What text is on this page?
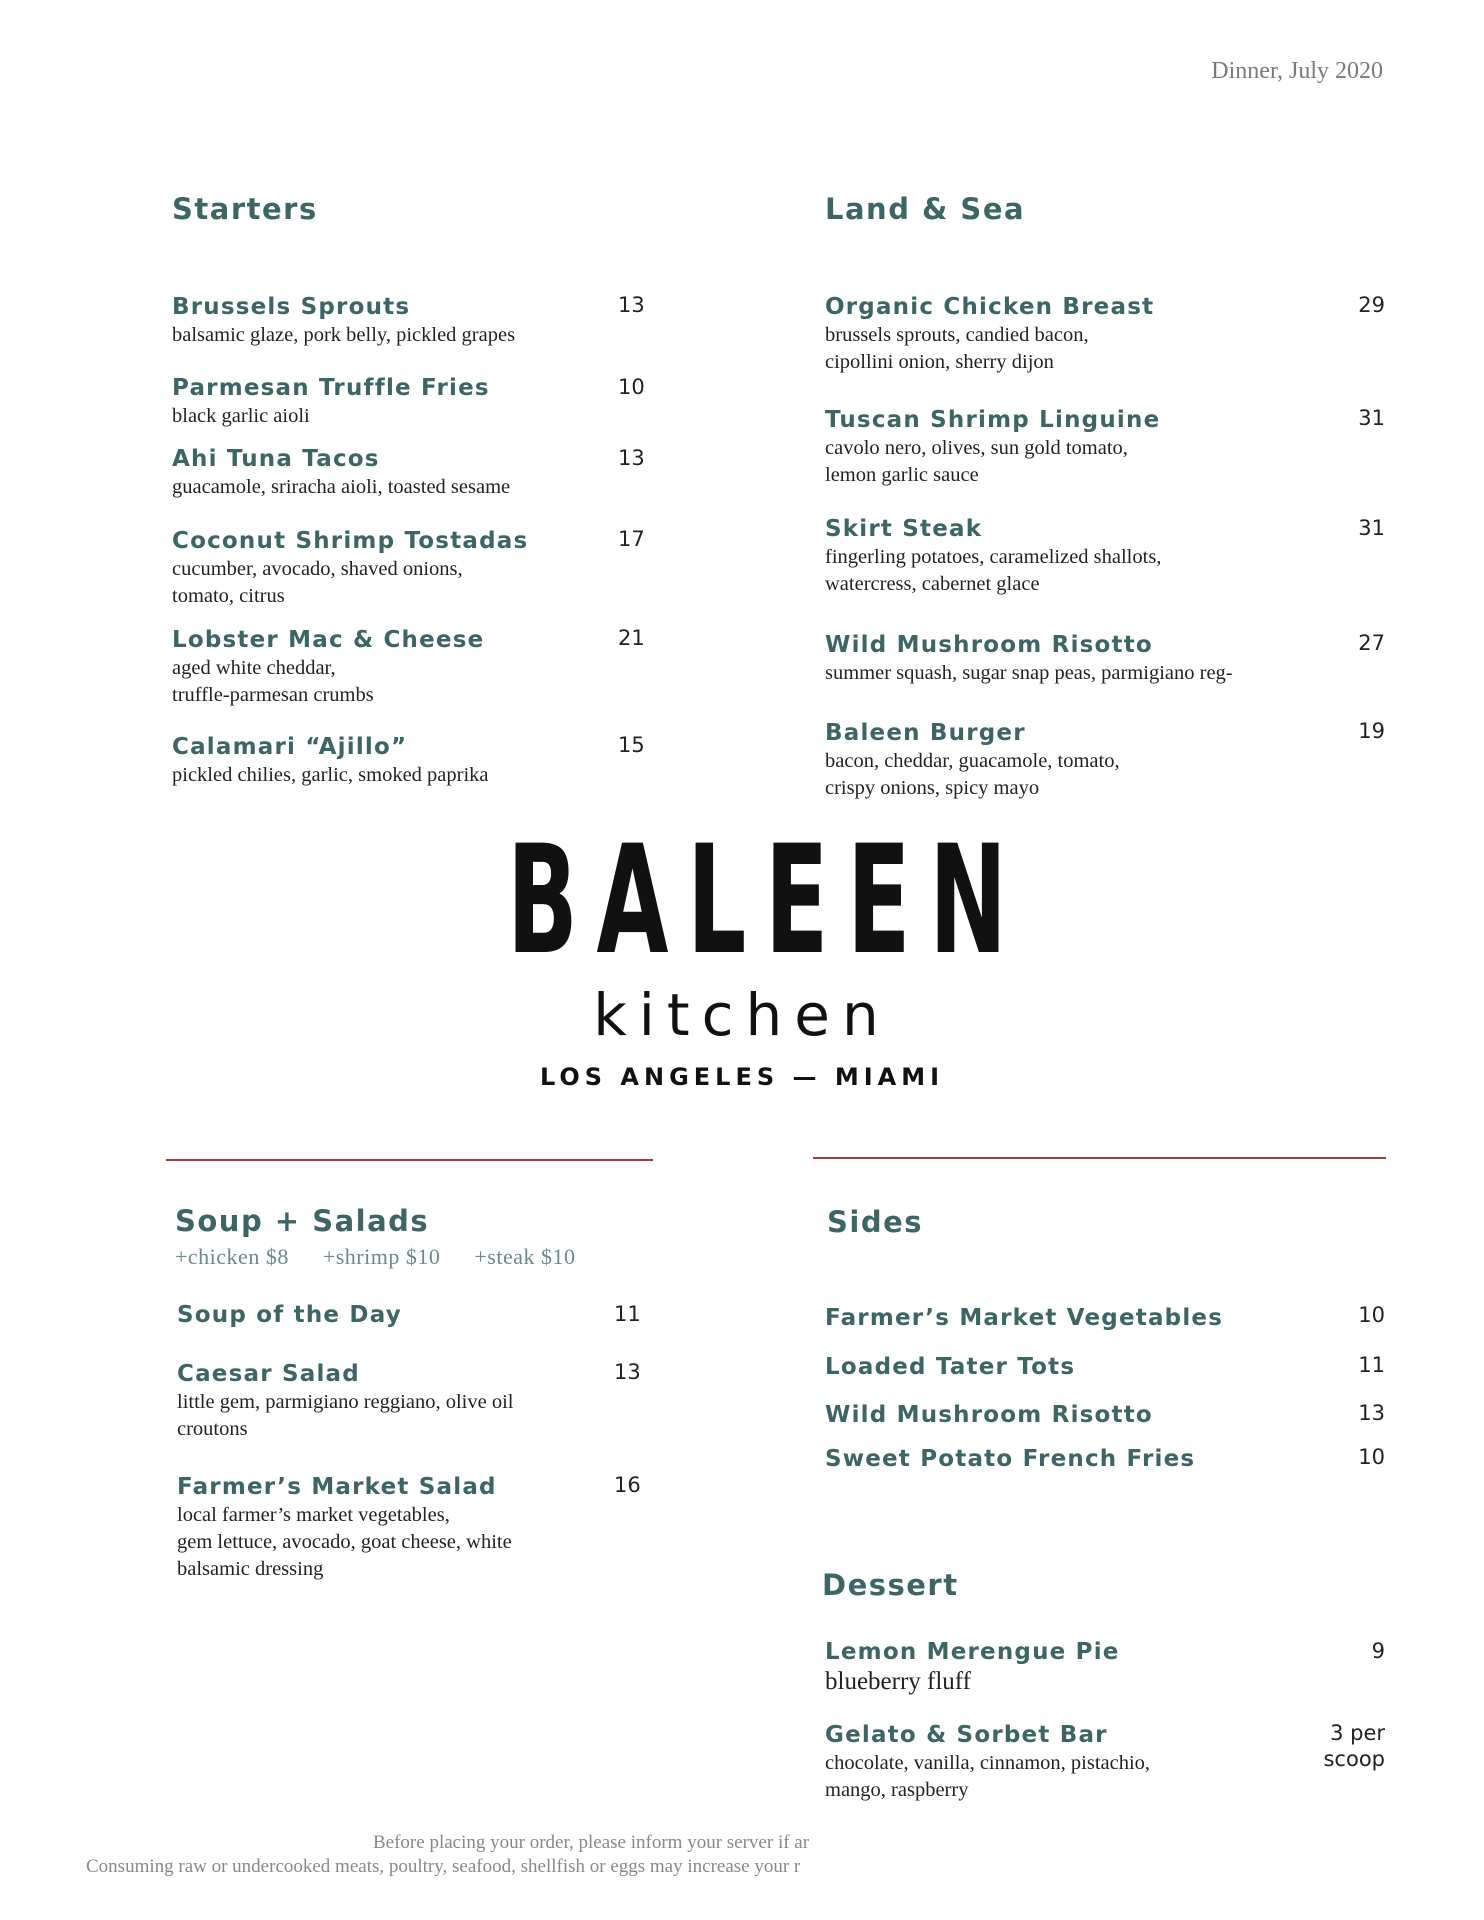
Dinner, July 2020
Starters
Brussels Sprouts
balsamic glaze, pork belly, pickled grapes
13
Parmesan Truffle Fries
black garlic aioli
10
Ahi Tuna Tacos
guacamole, sriracha aioli, toasted sesame
13
Coconut Shrimp Tostadas
cucumber, avocado, shaved onions,
tomato, citrus
17
Lobster Mac & Cheese
aged white cheddar,
truffle-parmesan crumbs
21
Calamari “Ajillo”
pickled chilies, garlic, smoked paprika
15
Land & Sea
Organic Chicken Breast
brussels sprouts, candied bacon,
cipollini onion, sherry dijon
29
Tuscan Shrimp Linguine
cavolo nero, olives, sun gold tomato,
lemon garlic sauce
31
Skirt Steak
fingerling potatoes, caramelized shallots,
watercress, cabernet glace
31
Wild Mushroom Risotto
summer squash, sugar snap peas, parmigiano reg-
27
Baleen Burger
bacon, cheddar, guacamole, tomato,
crispy onions, spicy mayo
19
BALEEN
kitchen
LOS ANGELES — MIAMI
Soup + Salads
+chicken $8 +shrimp $10 +steak $10
Soup of the Day	11
Caesar Salad
little gem, parmigiano reggiano, olive oil
croutons
13
Farmer’s Market Salad
local farmer’s market vegetables,
gem lettuce, avocado, goat cheese, white
balsamic dressing
16
Sides
Farmer’s Market Vegetables	10
Loaded Tater Tots	11
Wild Mushroom Risotto	13
Sweet Potato French Fries	10
Dessert
Lemon Merengue Pie
blueberry fluff
9
Gelato & Sorbet Bar
chocolate, vanilla, cinnamon, pistachio,
mango, raspberry
3 per
scoop
Before placing your order, please inform your server if ar
Consuming raw or undercooked meats, poultry, seafood, shellfish or eggs may increase your r
